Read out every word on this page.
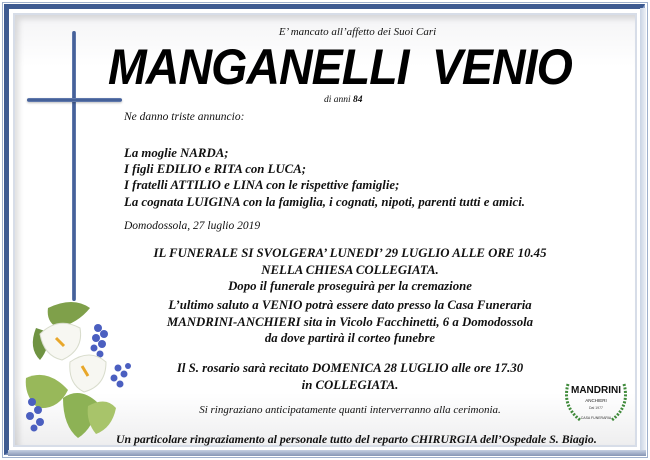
E’ mancato all’affetto dei Suoi Cari
MANGANELLI VENIO
di anni 84
Ne danno triste annuncio:
La moglie NARDA;
I figli EDILIO e RITA con LUCA;
I fratelli ATTILIO e LINA con le rispettive famiglie;
La cognata LUIGINA con la famiglia, i cognati, nipoti, parenti tutti e amici.
Domodossola, 27 luglio 2019
IL FUNERALE SI SVOLGERA’ LUNEDI’ 29 LUGLIO ALLE ORE 10.45
NELLA CHIESA COLLEGIATA.
Dopo il funerale proseguirà per la cremazione
L’ultimo saluto a VENIO potrà essere dato presso la Casa Funeraria
MANDRINI-ANCHIERI sita in Vicolo Facchinetti, 6 a Domodossola
da dove partirà il corteo funebre
Il S. rosario sarà recitato DOMENICA 28 LUGLIO alle ore 17.30
in COLLEGIATA.
Si ringraziano anticipatamente quanti interverranno alla cerimonia.
Un particolare ringraziamento al personale tutto del reparto CHIRURGIA dell’Ospedale S. Biagio.
MANDRINI
ANCHIERI
Dal 1977
CASA FUNERARIA
